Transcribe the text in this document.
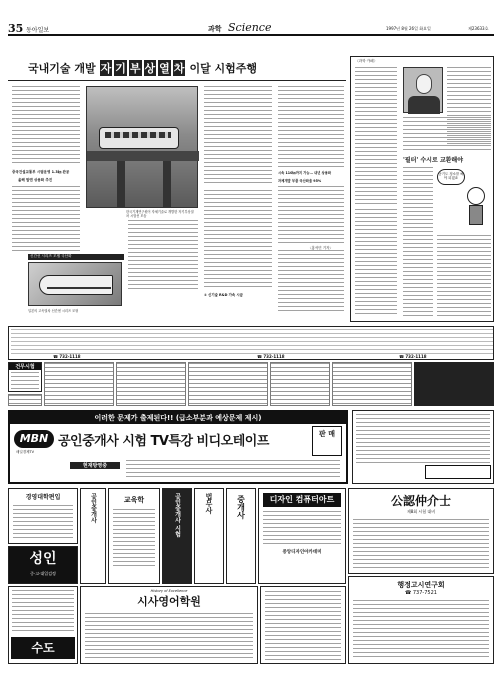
35 동아일보	과학 Science	1997년 8월 26일 화요일	제23633호
국내기술 개발 자 기 부 상 열 차 이달 시험주행
중국건설교통부 시범운영 1.3㎞ 완공
올해 말엔 상용화 추진
한국기계연구원이 자체기술로 개발한 자기부상열차 시험선 모습
시속 110㎞까지 가능… 내년 상용화
자체개발 부품 국산화율 95%
〈홍석민 기자〉
신간선 시리즈 모델 국산화
일본의 고속열차 신칸센 시리즈 모형
① 신기술 R&D 가속 시급
〈과학 카페〉
'필터' 수시로 교환해야
공기도 청소를 해야 되겠죠
☎ 732-1118	☎ 732-1118	☎ 732-1118
건무시험
이러한 문제가 출제된다!! (급소부분과 예상문제 제시)
MBN
매일경제TV
공인중개사 시험 TV특강 비디오테이프	판 매
현재방영중
경영대학편입	공인중개사	교육학	공인중개사 시험	법무사	중개사	디자인 컴퓨터아트
중앙디자인아카데미
公認仲介士
제8회 시험 대비
성인
중·고·대입검정
History of Excellence
시사영어학원
수도
행정고시연구회
☎ 737-7521
